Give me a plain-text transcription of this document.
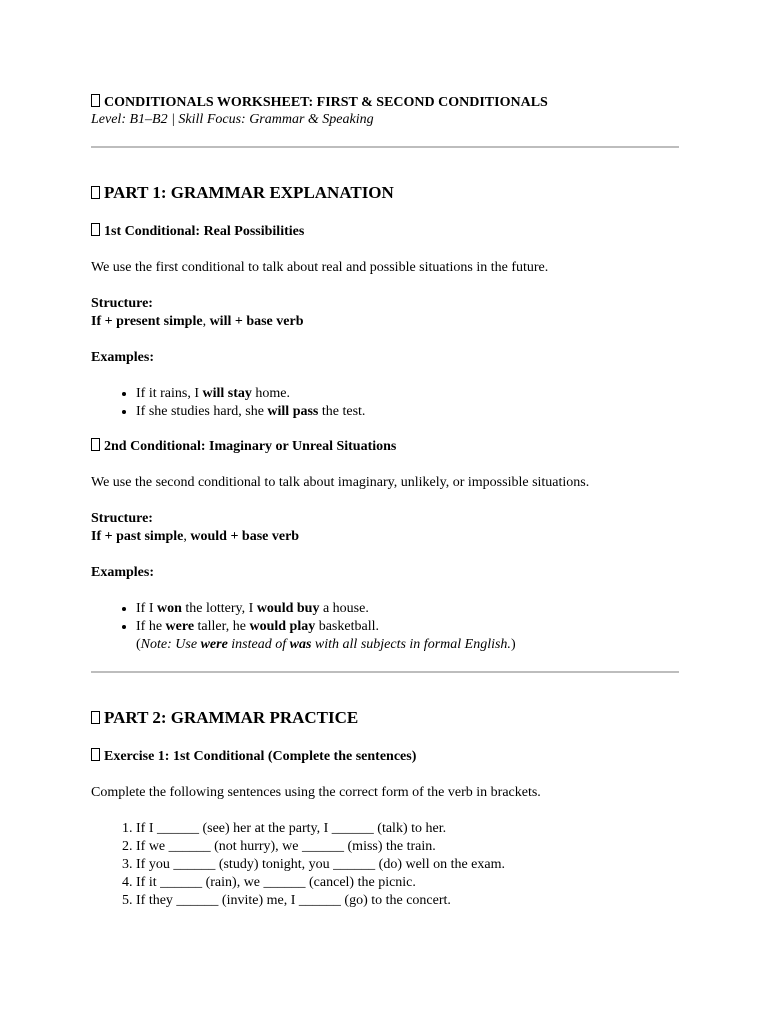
CONDITIONALS WORKSHEET: FIRST & SECOND CONDITIONALS

Level: B1–B2 | Skill Focus: Grammar & Speaking

PART 1: GRAMMAR EXPLANATION

1st Conditional: Real Possibilities

We use the first conditional to talk about real and possible situations in the future.

Structure:

If + present simple, will + base verb

Examples:

• If it rains, I will stay home.
• If she studies hard, she will pass the test.

2nd Conditional: Imaginary or Unreal Situations

We use the second conditional to talk about imaginary, unlikely, or impossible situations.

Structure:

If + past simple, would + base verb

Examples:

• If I won the lottery, I would buy a house.
• If he were taller, he would play basketball.
(Note: Use were instead of was with all subjects in formal English.)

PART 2: GRAMMAR PRACTICE

Exercise 1: 1st Conditional (Complete the sentences)

Complete the following sentences using the correct form of the verb in brackets.

1. If I ______ (see) her at the party, I ______ (talk) to her.
2. If we ______ (not hurry), we ______ (miss) the train.
3. If you ______ (study) tonight, you ______ (do) well on the exam.
4. If it ______ (rain), we ______ (cancel) the picnic.
5. If they ______ (invite) me, I ______ (go) to the concert.
